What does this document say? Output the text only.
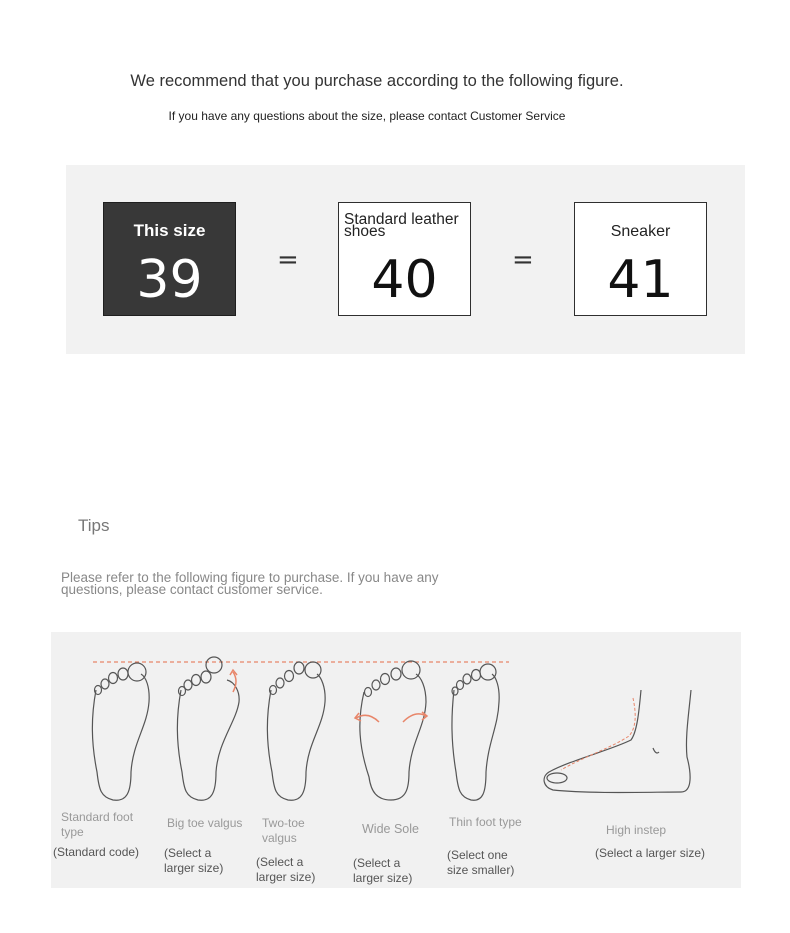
We recommend that you purchase according to the following figure.
If you have any questions about the size, please contact Customer Service
This size
39	=
Standard leather shoes
40	=
Sneaker
41
Tips
Please refer to the following figure to purchase. If you have any questions, please contact customer service.
Standard foot type
(Standard code)
Big toe valgus
(Select a larger size)
Two-toe valgus
(Select a larger size)
Wide Sole
(Select a larger size)
Thin foot type
(Select one size smaller)
High instep
(Select a larger size)
